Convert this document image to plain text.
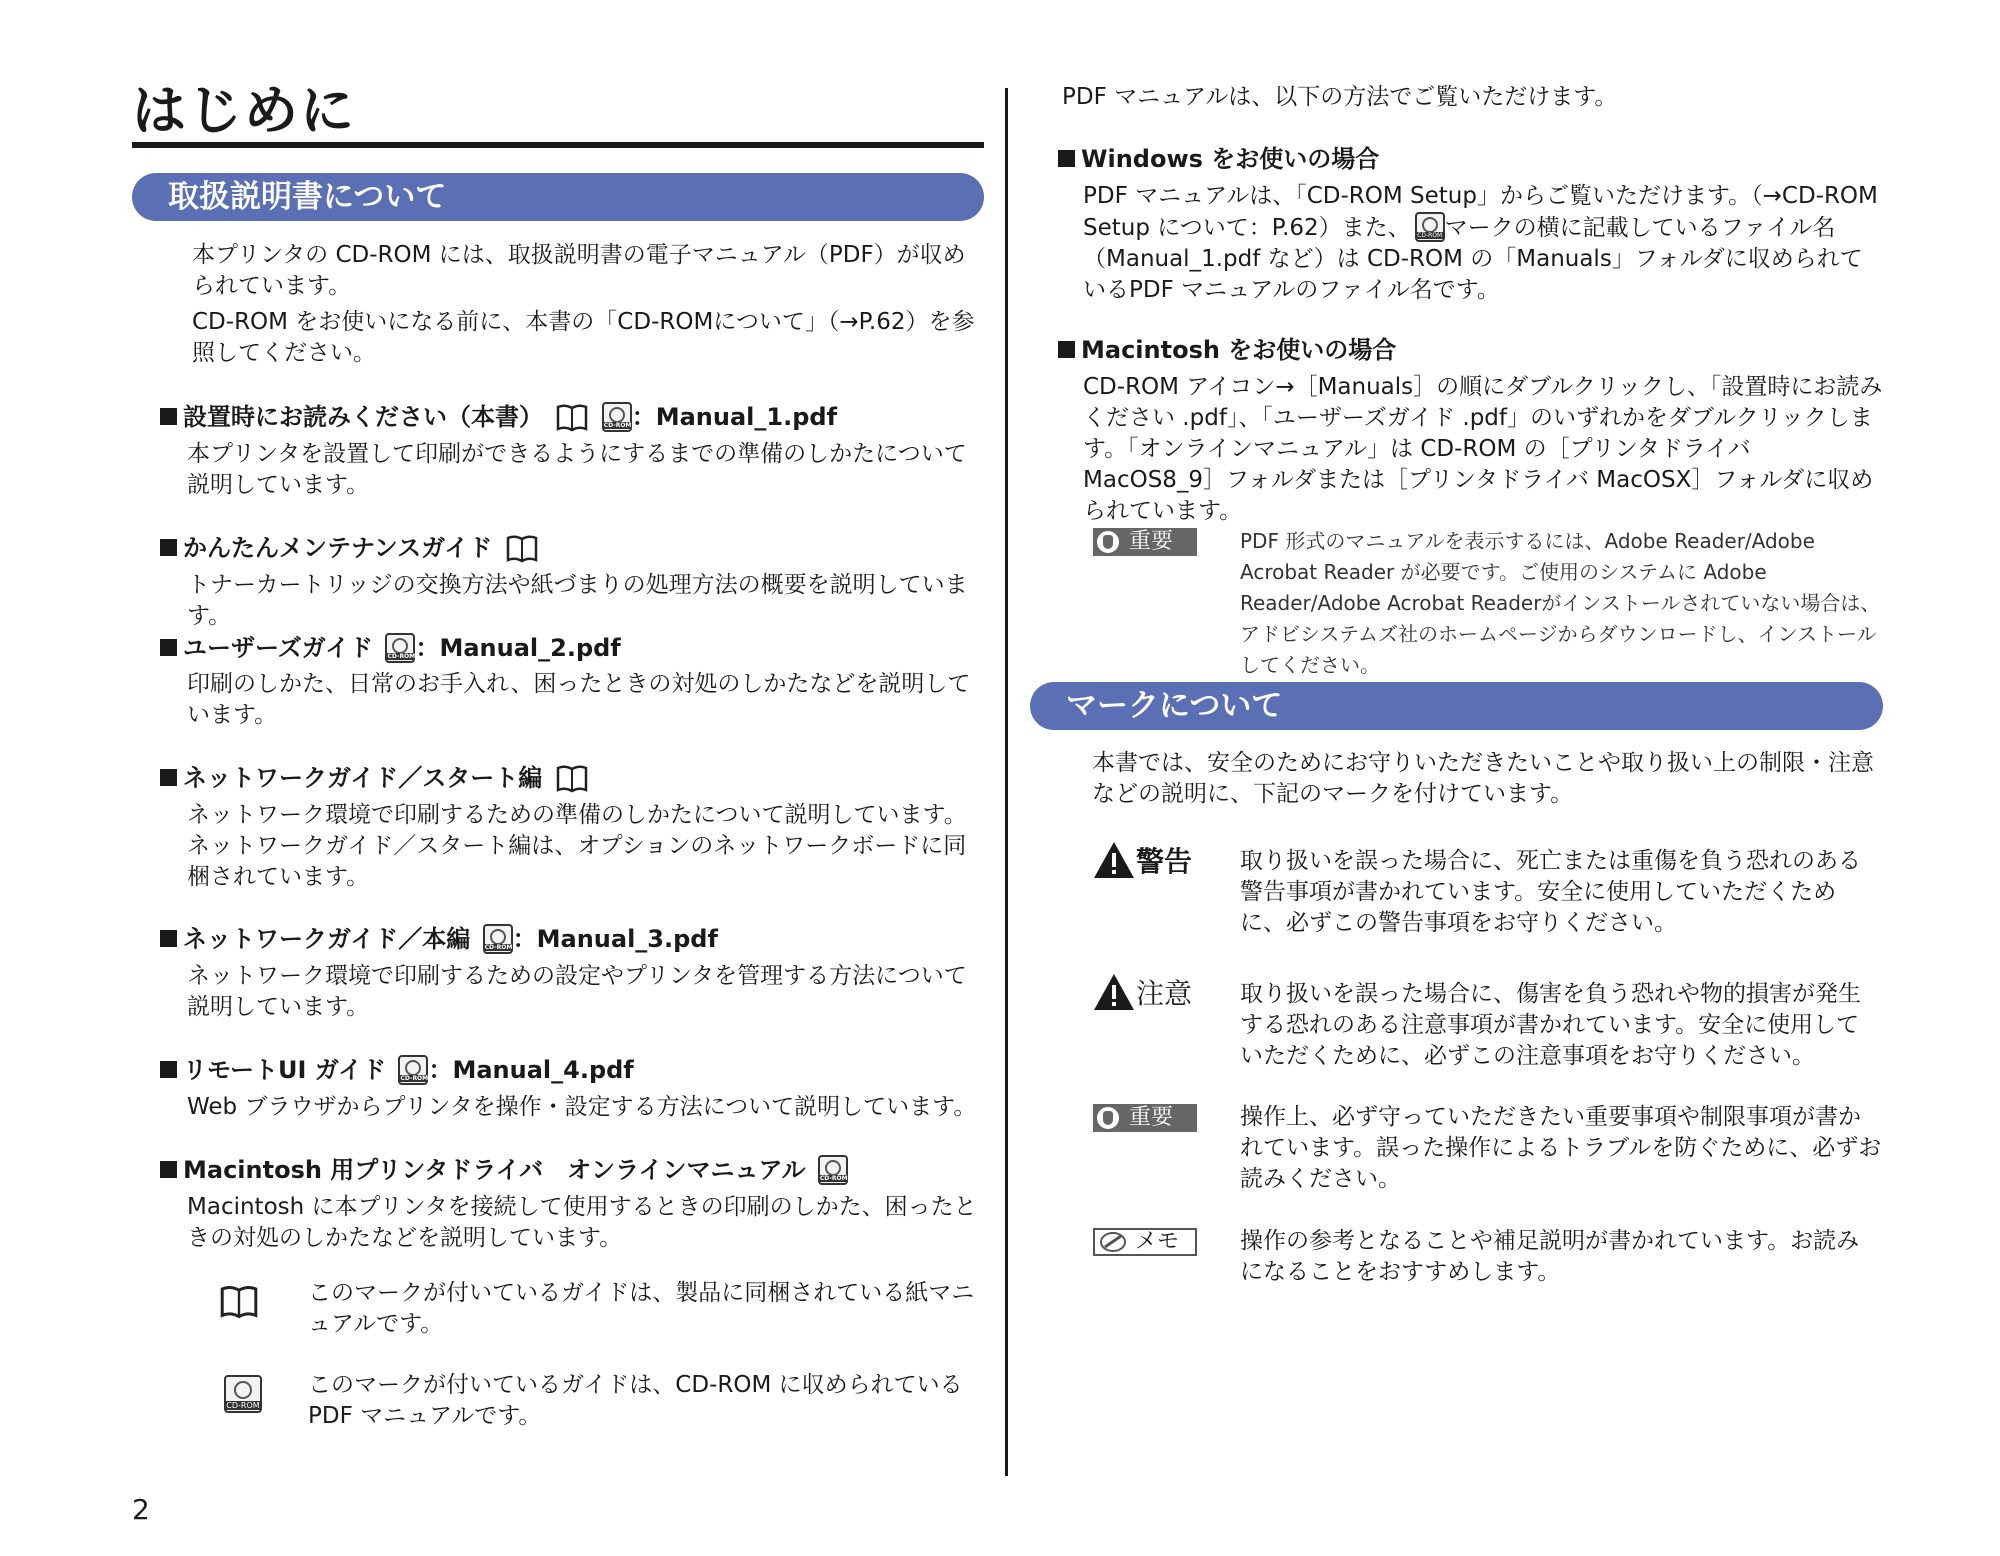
はじめに
取扱説明書について

本プリンタの CD-ROM には、取扱説明書の電子マニュアル（PDF）が収められています。

CD-ROM をお使いになる前に、本書の「CD-ROMについて」（→P.62）を参照してください。

設置時にお読みください（本書） CD-ROM	：Manual_1.pdf

本プリンタを設置して印刷ができるようにするまでの準備のしかたについて説明しています。

かんたんメンテナンスガイド

トナーカートリッジの交換方法や紙づまりの処理方法の概要を説明しています。

ユーザーズガイド CD-ROM ：Manual_2.pdf

印刷のしかた、日常のお手入れ、困ったときの対処のしかたなどを説明しています。

ネットワークガイド／スタート編

ネットワーク環境で印刷するための準備のしかたについて説明しています。ネットワークガイド／スタート編は、オプションのネットワークボードに同梱されています。

ネットワークガイド／本編 CD-ROM ：Manual_3.pdf

ネットワーク環境で印刷するための設定やプリンタを管理する方法について説明しています。

リモートUI ガイド CD-ROM ：Manual_4.pdf

Web ブラウザからプリンタを操作・設定する方法について説明しています。

Macintosh 用プリンタドライバ　オンラインマニュアル CD-ROM

Macintosh に本プリンタを接続して使用するときの印刷のしかた、困ったときの対処のしかたなどを説明しています。

このマークが付いているガイドは、製品に同梱されている紙マニュアルです。

CD-ROM

このマークが付いているガイドは、CD-ROM に収められているPDF マニュアルです。

2

PDF マニュアルは、以下の方法でご覧いただけます。

Windows をお使いの場合

PDF マニュアルは、「CD-ROM Setup」からご覧いただけます。（→CD-ROM Setup について：P.62）また、 CD-ROM マークの横に記載しているファイル名（Manual_1.pdf など）は CD-ROM の「Manuals」フォルダに収められているPDF マニュアルのファイル名です。

Macintosh をお使いの場合

CD-ROM アイコン→［Manuals］の順にダブルクリックし、「設置時にお読みください .pdf」、「ユーザーズガイド .pdf」のいずれかをダブルクリックします。「オンラインマニュアル」は CD-ROM の［プリンタドライバ MacOS8_9］フォルダまたは［プリンタドライバ MacOSX］フォルダに収められています。

重要	PDF 形式のマニュアルを表示するには、Adobe Reader/Adobe Acrobat Reader が必要です。ご使用のシステムに Adobe Reader/Adobe Acrobat Readerがインストールされていない場合は、アドビシステムズ社のホームページからダウンロードし、インストールしてください。

マークについて

本書では、安全のためにお守りいただきたいことや取り扱い上の制限・注意などの説明に、下記のマークを付けています。

警告 取り扱いを誤った場合に、死亡または重傷を負う恐れのある警告事項が書かれています。安全に使用していただくために、必ずこの警告事項をお守りください。

注意 取り扱いを誤った場合に、傷害を負う恐れや物的損害が発生する恐れのある注意事項が書かれています。安全に使用していただくために、必ずこの注意事項をお守りください。

重要	操作上、必ず守っていただきたい重要事項や制限事項が書かれています。誤った操作によるトラブルを防ぐために、必ずお読みください。

メモ	操作の参考となることや補足説明が書かれています。お読みになることをおすすめします。
